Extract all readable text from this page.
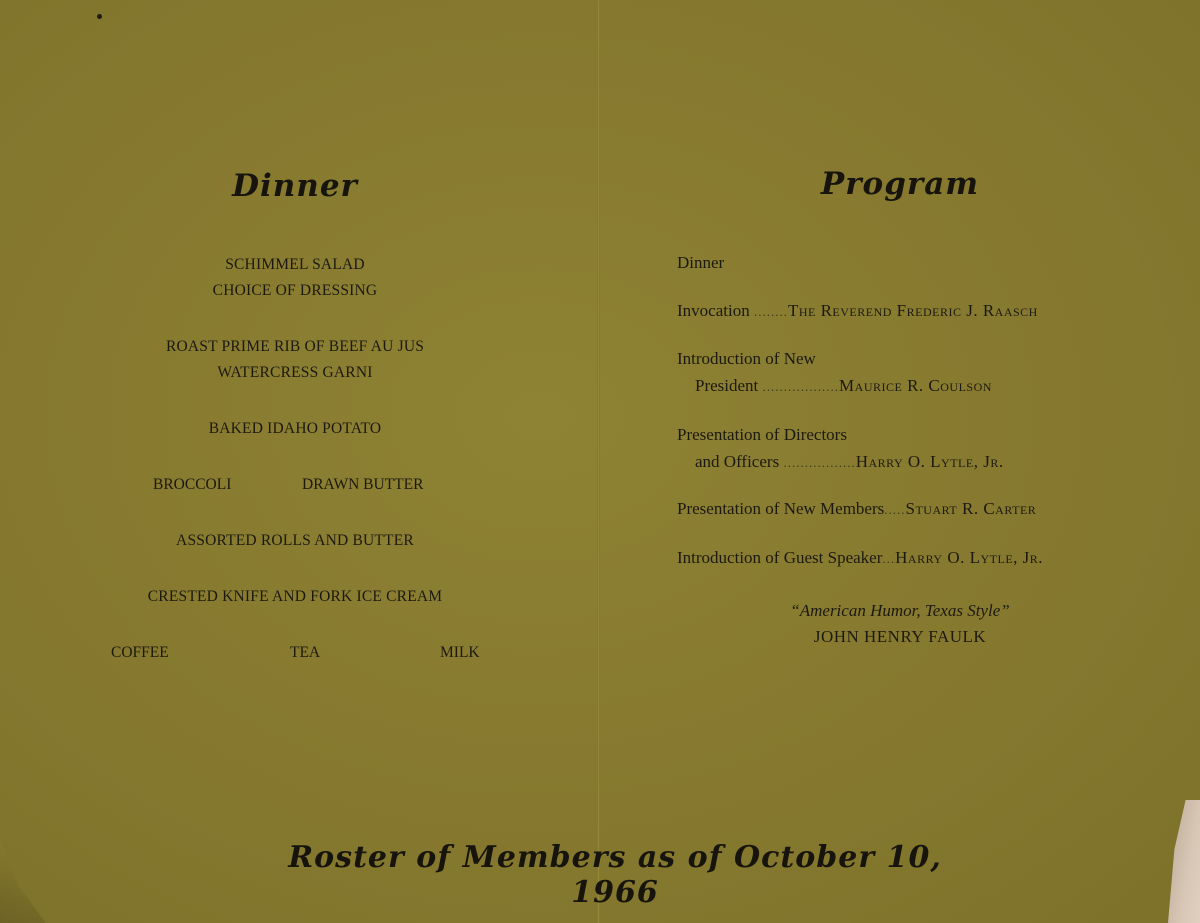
Dinner
SCHIMMEL SALAD
CHOICE OF DRESSING
ROAST PRIME RIB OF BEEF AU JUS
WATERCRESS GARNI
BAKED IDAHO POTATO
BROCCOLI	DRAWN BUTTER
ASSORTED ROLLS AND BUTTER
CRESTED KNIFE AND FORK ICE CREAM
COFFEE	TEA	MILK
Program
Dinner
Invocation ........The Reverend Frederic J. Raasch
Introduction of New
President ..................Maurice R. Coulson
Presentation of Directors
and Officers .................Harry O. Lytle, Jr.
Presentation of New Members.....Stuart R. Carter
Introduction of Guest Speaker...Harry O. Lytle, Jr.
“American Humor, Texas Style”
JOHN HENRY FAULK
Roster of Members as of October 10, 1966
